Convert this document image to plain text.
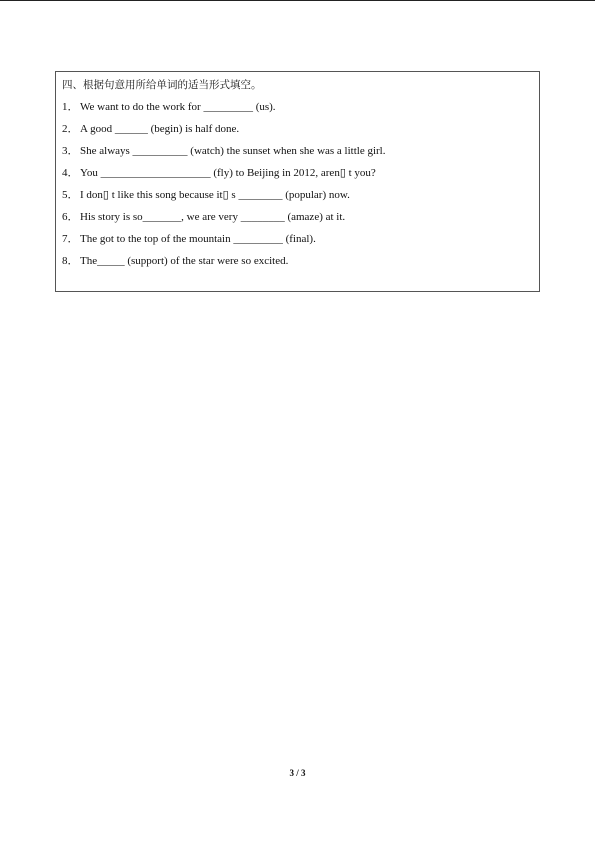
四、根据句意用所给单词的适当形式填空。
1． We want to do the work for _________ (us).
2． A good ______ (begin) is half done.
3． She always __________ (watch) the sunset when she was a little girl.
4． You ____________________ (fly) to Beijing in 2012, aren▯ t you?
5． I don▯ t like this song because it▯ s ________ (popular) now.
6． His story is so_______, we are very ________ (amaze) at it.
7． The got to the top of the mountain _________ (final).
8． The_____ (support) of the star were so excited.
3 / 3
